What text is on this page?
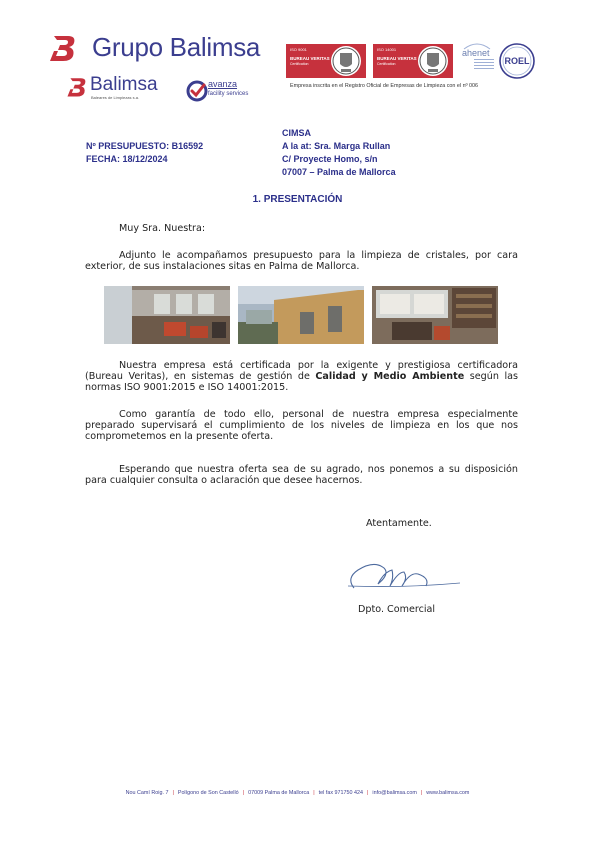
Grupo Balimsa
Balimsa
Baleares de Limpiezas s.a.
avanza
facility services
ISO 9001
BUREAU VERITAS
Certification
ISO 14001
BUREAU VERITAS
Certification
ahenet
ROEL
Empresa inscrita en el Registro Oficial de Empresas de Limpieza con el nº 006
Nº PRESUPUESTO: B16592
FECHA: 18/12/2024
CIMSA
A la at: Sra. Marga Rullan
C/ Proyecte Homo, s/n
07007 – Palma de Mallorca
1. PRESENTACIÓN
Muy Sra. Nuestra:
Adjunto le acompañamos presupuesto para la limpieza de cristales, por cara exterior, de sus instalaciones sitas en Palma de Mallorca.
Nuestra empresa está certificada por la exigente y prestigiosa certificadora (Bureau Veritas), en sistemas de gestión de Calidad y Medio Ambiente según las normas ISO 9001:2015 e ISO 14001:2015.
Como garantía de todo ello, personal de nuestra empresa especialmente preparado supervisará el cumplimiento de los niveles de limpieza en los que nos comprometemos en la presente oferta.
Esperando que nuestra oferta sea de su agrado, nos ponemos a su disposición para cualquier consulta o aclaración que desee hacernos.
Atentamente.
Dpto. Comercial
Nou Camí Roig. 7 | Polígono de Son Castelló | 07009 Palma de Mallorca | tel fax 971750 424 | info@balimsa.com | www.balimsa.com
